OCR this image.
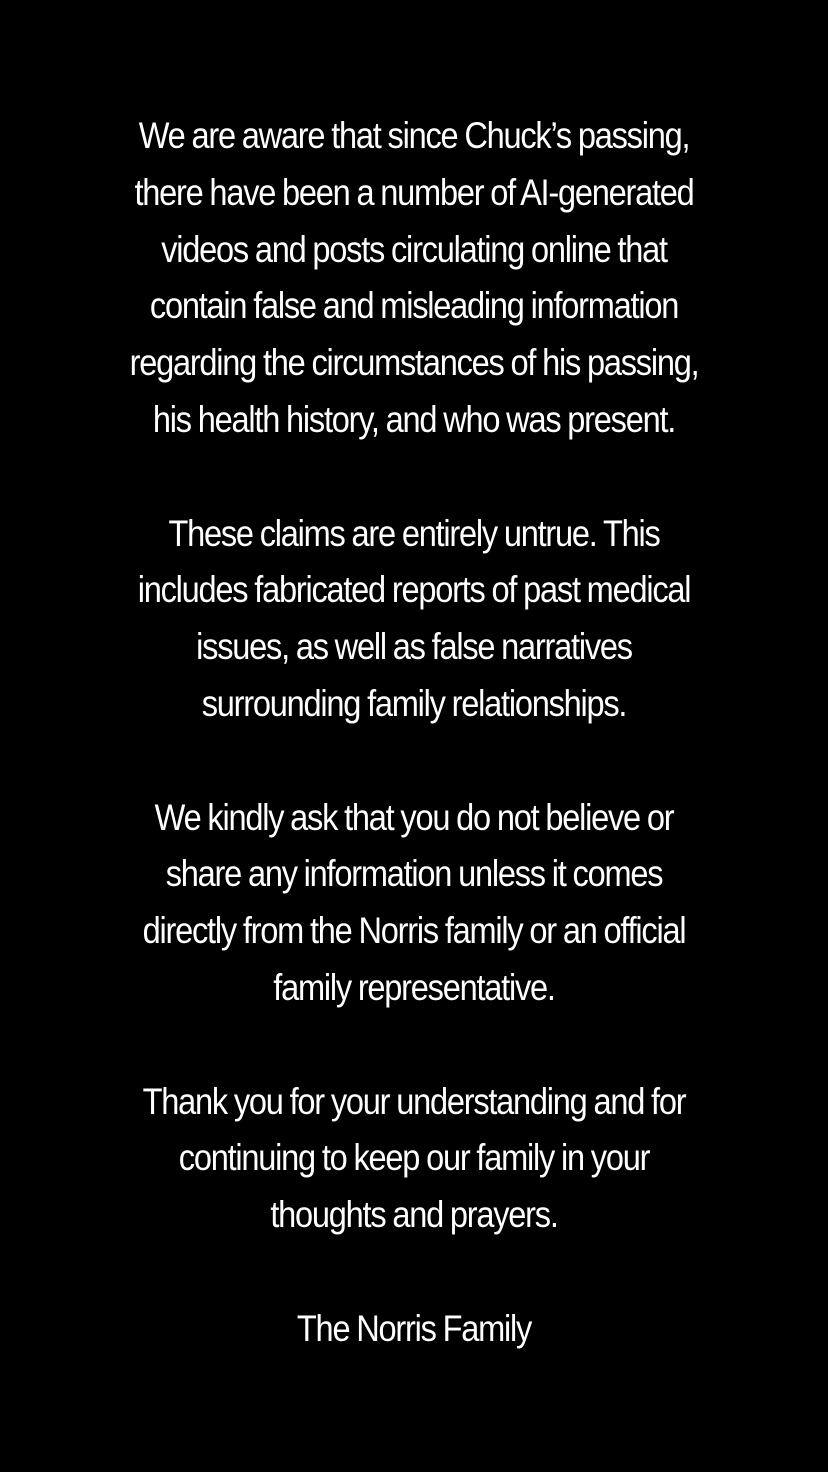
We are aware that since Chuck’s passing,
there have been a number of AI-generated
videos and posts circulating online that
contain false and misleading information
regarding the circumstances of his passing,
his health history, and who was present.
These claims are entirely untrue. This
includes fabricated reports of past medical
issues, as well as false narratives
surrounding family relationships.
We kindly ask that you do not believe or
share any information unless it comes
directly from the Norris family or an official
family representative.
Thank you for your understanding and for
continuing to keep our family in your
thoughts and prayers.
The Norris Family
